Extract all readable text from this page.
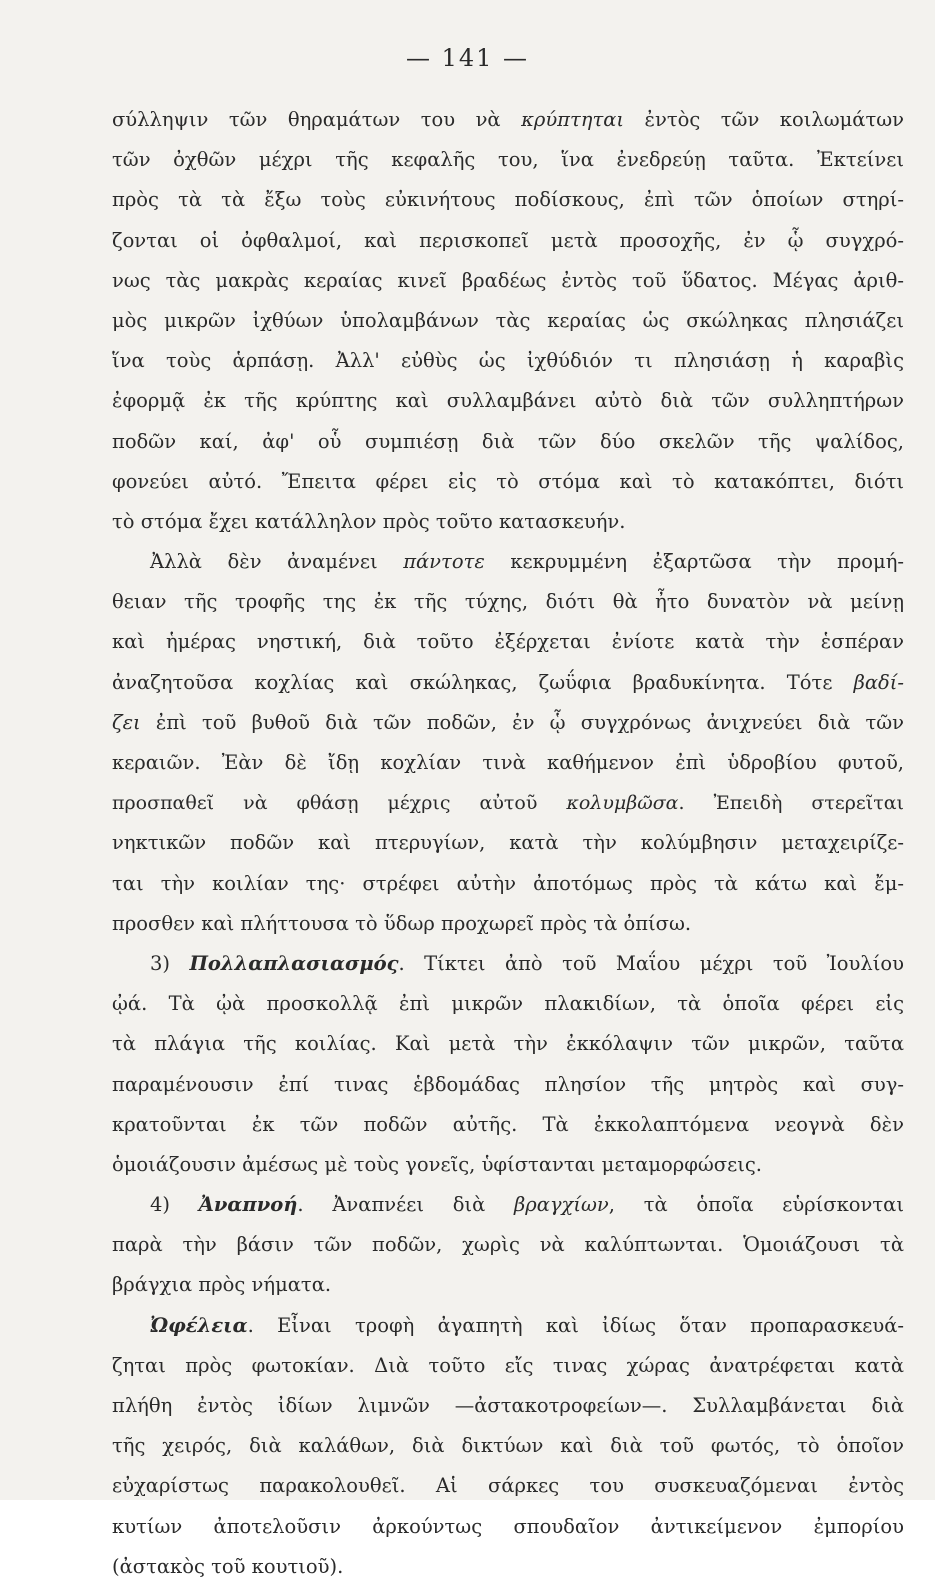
— 141 —
σύλληψιν τῶν θηραμάτων του νὰ κρύπτηται ἐντὸς τῶν κοιλωμάτων
τῶν ὀχθῶν μέχρι τῆς κεφαλῆς του, ἵνα ἐνεδρεύῃ ταῦτα. Ἐκτείνει
πρὸς τὰ τὰ ἔξω τοὺς εὐκινήτους ποδίσκους, ἐπὶ τῶν ὁποίων στηρί-
ζονται οἱ ὀφθαλμοί, καὶ περισκοπεῖ μετὰ προσοχῆς, ἐν ᾧ συγχρό-
νως τὰς μακρὰς κεραίας κινεῖ βραδέως ἐντὸς τοῦ ὕδατος. Μέγας ἀριθ-
μὸς μικρῶν ἰχθύων ὑπολαμβάνων τὰς κεραίας ὡς σκώληκας πλησιάζει
ἵνα τοὺς ἁρπάσῃ. Ἀλλ' εὐθὺς ὡς ἰχθύδιόν τι πλησιάσῃ ἡ καραβὶς
ἐφορμᾷ ἐκ τῆς κρύπτης καὶ συλλαμβάνει αὐτὸ διὰ τῶν συλληπτήρων
ποδῶν καί, ἀφ' οὗ συμπιέσῃ διὰ τῶν δύο σκελῶν τῆς ψαλίδος,
φονεύει αὐτό. Ἔπειτα φέρει εἰς τὸ στόμα καὶ τὸ κατακόπτει, διότι
τὸ στόμα ἔχει κατάλληλον πρὸς τοῦτο κατασκευήν.
Ἀλλὰ δὲν ἀναμένει πάντοτε κεκρυμμένη ἐξαρτῶσα τὴν προμή-
θειαν τῆς τροφῆς της ἐκ τῆς τύχης, διότι θὰ ἦτο δυνατὸν νὰ μείνῃ
καὶ ἡμέρας νηστική, διὰ τοῦτο ἐξέρχεται ἐνίοτε κατὰ τὴν ἑσπέραν
ἀναζητοῦσα κοχλίας καὶ σκώληκας, ζωΰφια βραδυκίνητα. Τότε βαδί-
ζει ἐπὶ τοῦ βυθοῦ διὰ τῶν ποδῶν, ἐν ᾧ συγχρόνως ἀνιχνεύει διὰ τῶν
κεραιῶν. Ἐὰν δὲ ἴδῃ κοχλίαν τινὰ καθήμενον ἐπὶ ὑδροβίου φυτοῦ,
προσπαθεῖ νὰ φθάσῃ μέχρις αὐτοῦ κολυμβῶσα. Ἐπειδὴ στερεῖται
νηκτικῶν ποδῶν καὶ πτερυγίων, κατὰ τὴν κολύμβησιν μεταχειρίζε-
ται τὴν κοιλίαν της· στρέφει αὐτὴν ἀποτόμως πρὸς τὰ κάτω καὶ ἔμ-
προσθεν καὶ πλήττουσα τὸ ὕδωρ προχωρεῖ πρὸς τὰ ὀπίσω.
3) Πολλαπλασιασμός. Τίκτει ἀπὸ τοῦ Μαΐου μέχρι τοῦ Ἰουλίου
ᾠά. Τὰ ᾠὰ προσκολλᾷ ἐπὶ μικρῶν πλακιδίων, τὰ ὁποῖα φέρει εἰς
τὰ πλάγια τῆς κοιλίας. Καὶ μετὰ τὴν ἐκκόλαψιν τῶν μικρῶν, ταῦτα
παραμένουσιν ἐπί τινας ἑβδομάδας πλησίον τῆς μητρὸς καὶ συγ-
κρατοῦνται ἐκ τῶν ποδῶν αὐτῆς. Τὰ ἐκκολαπτόμενα νεογνὰ δὲν
ὁμοιάζουσιν ἀμέσως μὲ τοὺς γονεῖς, ὑφίστανται μεταμορφώσεις.
4) Ἀναπνοή. Ἀναπνέει διὰ βραγχίων, τὰ ὁποῖα εὑρίσκονται
παρὰ τὴν βάσιν τῶν ποδῶν, χωρὶς νὰ καλύπτωνται. Ὁμοιάζουσι τὰ
βράγχια πρὸς νήματα.
Ὠφέλεια. Εἶναι τροφὴ ἀγαπητὴ καὶ ἰδίως ὅταν προπαρασκευά-
ζηται πρὸς φωτοκίαν. Διὰ τοῦτο εἴς τινας χώρας ἀνατρέφεται κατὰ
πλήθη ἐντὸς ἰδίων λιμνῶν —ἀστακοτροφείων—. Συλλαμβάνεται διὰ
τῆς χειρός, διὰ καλάθων, διὰ δικτύων καὶ διὰ τοῦ φωτός, τὸ ὁποῖον
εὐχαρίστως παρακολουθεῖ. Αἱ σάρκες του συσκευαζόμεναι ἐντὸς
κυτίων ἀποτελοῦσιν ἀρκούντως σπουδαῖον ἀντικείμενον ἐμπορίου
(ἀστακὸς τοῦ κουτιοῦ).
